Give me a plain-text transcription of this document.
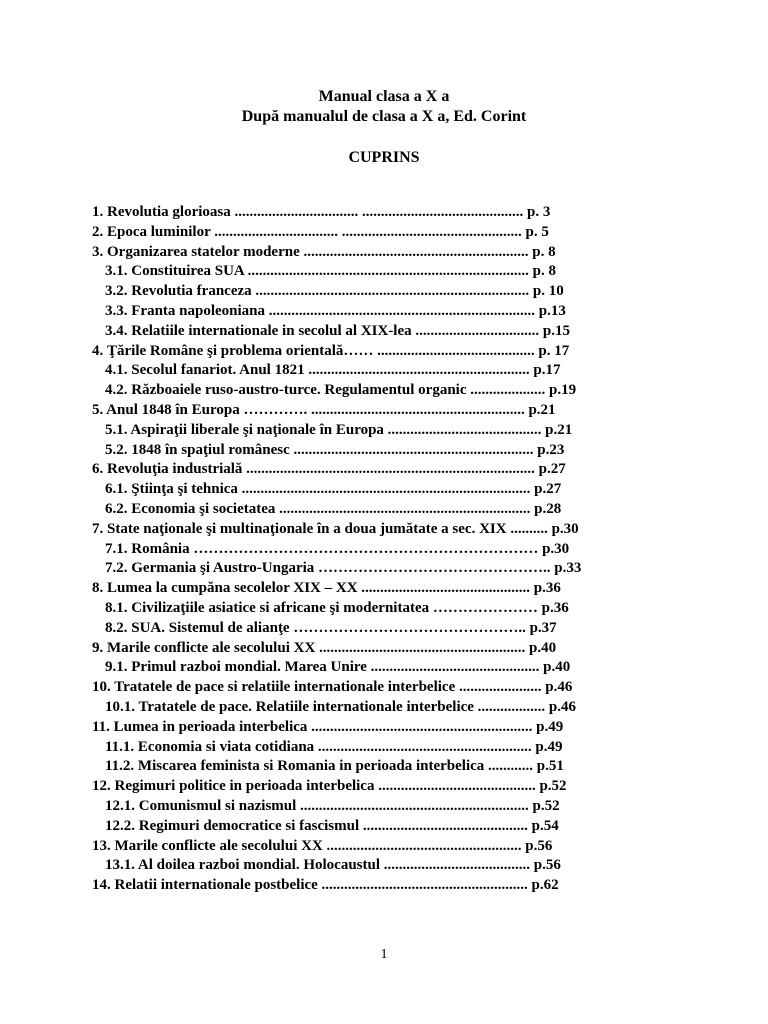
Manual clasa a X a
După manualul de clasa a X a, Ed. Corint
CUPRINS
1. Revolutia glorioasa ................................. ........................................... p. 3
2. Epoca luminilor ................................. ................................................ p. 5
3. Organizarea statelor moderne ............................................................ p. 8
3.1. Constituirea SUA ........................................................................... p. 8
3.2. Revolutia franceza ......................................................................... p. 10
3.3. Franta napoleoniana ....................................................................... p.13
3.4. Relatiile internationale in secolul al XIX-lea ................................. p.15
4. Ţările Române şi problema orientală…… .......................................... p. 17
4.1. Secolul fanariot. Anul 1821 ........................................................... p.17
4.2. Războaiele ruso-austro-turce. Regulamentul organic .................... p.19
5. Anul 1848 în Europa …………. ......................................................... p.21
5.1. Aspiraţii liberale şi naţionale în Europa ......................................... p.21
5.2. 1848 în spaţiul românesc ................................................................ p.23
6. Revoluţia industrială ............................................................................. p.27
6.1. Ştiinţa şi tehnica ............................................................................. p.27
6.2. Economia şi societatea ................................................................... p.28
7. State naţionale şi multinaţionale în a doua jumătate a sec. XIX .......... p.30
7.1. România …………………………………………………………… p.30
7.2. Germania şi Austro-Ungaria ……………………………………….. p.33
8. Lumea la cumpăna secolelor XIX – XX ............................................. p.36
8.1. Civilizaţiile asiatice si africane şi modernitatea ………………… p.36
8.2. SUA. Sistemul de alianţe ……………………………………….. p.37
9. Marile conflicte ale secolului XX ....................................................... p.40
9.1. Primul razboi mondial. Marea Unire ............................................. p.40
10. Tratatele de pace si relatiile internationale interbelice ...................... p.46
10.1. Tratatele de pace. Relatiile internationale interbelice .................. p.46
11. Lumea in perioada interbelica ........................................................... p.49
11.1. Economia si viata cotidiana ......................................................... p.49
11.2. Miscarea feminista si Romania in perioada interbelica ............ p.51
12. Regimuri politice in perioada interbelica .......................................... p.52
12.1. Comunismul si nazismul ............................................................. p.52
12.2. Regimuri democratice si fascismul ............................................ p.54
13. Marile conflicte ale secolului XX .................................................... p.56
13.1. Al doilea razboi mondial. Holocaustul ....................................... p.56
14. Relatii internationale postbelice ....................................................... p.62
1
